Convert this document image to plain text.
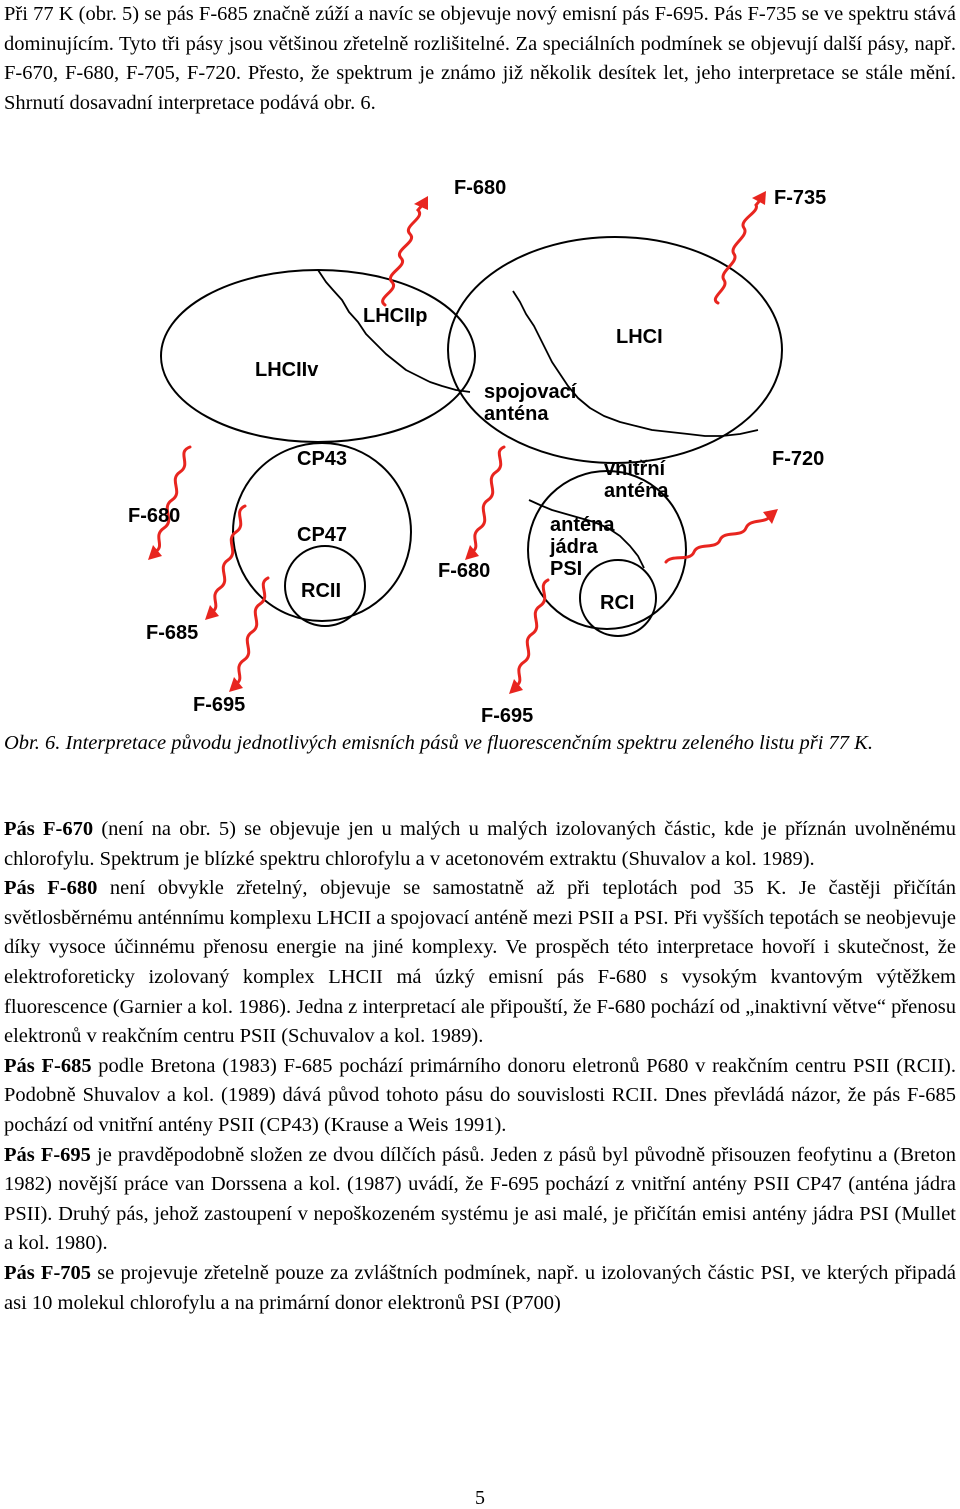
Při 77 K (obr. 5) se pás F-685 značně zúží a navíc se objevuje nový emisní pás F-695. Pás F-735 se ve spektru stává dominujícím. Tyto tři pásy jsou většinou zřetelně rozlišitelné. Za speciálních podmínek se objevují další pásy, např. F-670, F-680, F-705, F-720. Přesto, že spektrum je známo již několik desítek let, jeho interpretace se stále mění. Shrnutí dosavadní interpretace podává obr. 6.

F-680	F-735
LHCIIp
LHCI
LHCIIv
spojovací
anténa
CP43	vnitřní
anténa
F-720
F-680
CP47	anténa
jádra
PSI
RCII
F-680
RCI
F-685
F-695	F-695

Obr. 6. Interpretace původu jednotlivých emisních pásů ve fluorescenčním spektru zeleného listu při 77 K.

Pás F-670 (není na obr. 5) se objevuje jen u malých u malých izolovaných částic, kde je příznán uvolněnému chlorofylu. Spektrum je blízké spektru chlorofylu a v acetonovém extraktu (Shuvalov a kol. 1989).

Pás F-680 není obvykle zřetelný, objevuje se samostatně až při teplotách pod 35 K. Je častěji přičítán světlosběrnému anténnímu komplexu LHCII a spojovací anténě mezi PSII a PSI. Při vyšších tepotách se neobjevuje díky vysoce účinnému přenosu energie na jiné komplexy. Ve prospěch této interpretace hovoří i skutečnost, že elektroforeticky izolovaný komplex LHCII má úzký emisní pás F-680 s vysokým kvantovým výtěžkem fluorescence (Garnier a kol. 1986). Jedna z interpretací ale připouští, že F-680 pochází od „inaktivní větve“ přenosu elektronů v reakčním centru PSII (Schuvalov a kol. 1989).

Pás F-685 podle Bretona (1983) F-685 pochází primárního donoru eletronů P680 v reakčním centru PSII (RCII). Podobně Shuvalov a kol. (1989) dává původ tohoto pásu do souvislosti RCII. Dnes převládá názor, že pás F-685 pochází od vnitřní antény PSII (CP43) (Krause a Weis 1991).

Pás F-695 je pravděpodobně složen ze dvou dílčích pásů. Jeden z pásů byl původně přisouzen feofytinu a (Breton 1982) novější práce van Dorssena a kol. (1987) uvádí, že F-695 pochází z vnitřní antény PSII CP47 (anténa jádra PSII). Druhý pás, jehož zastoupení v nepoškozeném systému je asi malé, je přičítán emisi antény jádra PSI (Mullet a kol. 1980).

Pás F-705 se projevuje zřetelně pouze za zvláštních podmínek, např. u izolovaných částic PSI, ve kterých připadá asi 10 molekul chlorofylu a na primární donor elektronů PSI (P700)

5
